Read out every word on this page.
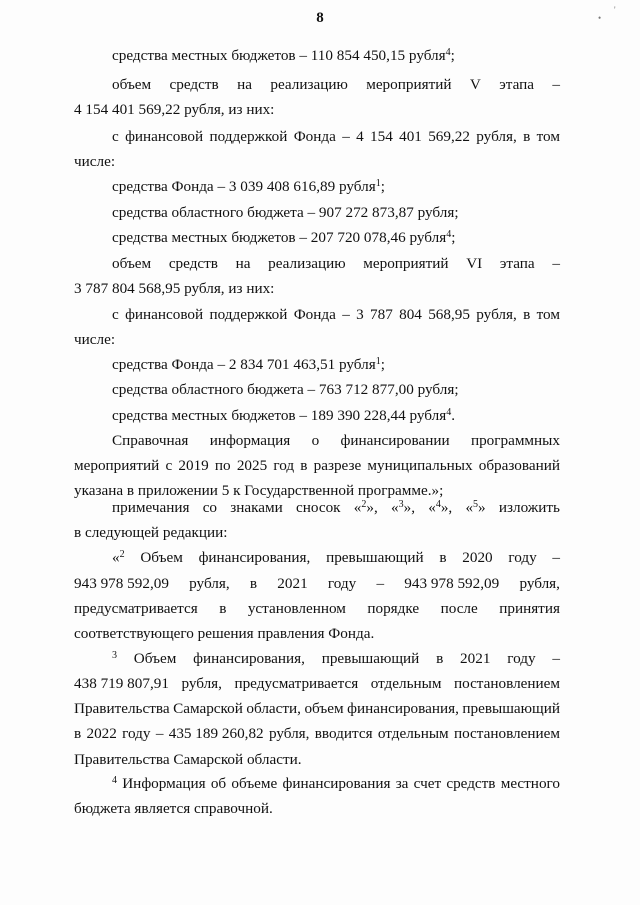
8	'
•
средства местных бюджетов – 110 854 450,15 рубля$^4$;
объем средств на реализацию мероприятий V этапа –
4 154 401 569,22 рубля, из них:
с финансовой поддержкой Фонда – 4 154 401 569,22 рубля, в том
числе:
средства Фонда – 3 039 408 616,89 рубля$^1$;
средства областного бюджета – 907 272 873,87 рубля;
средства местных бюджетов – 207 720 078,46 рубля$^4$;
объем средств на реализацию мероприятий VI этапа –
3 787 804 568,95 рубля, из них:
с финансовой поддержкой Фонда – 3 787 804 568,95 рубля, в том
числе:
средства Фонда – 2 834 701 463,51 рубля$^1$;
средства областного бюджета – 763 712 877,00 рубля;
средства местных бюджетов – 189 390 228,44 рубля$^4$.
Справочная информация о финансировании программных
мероприятий с 2019 по 2025 год в разрезе муниципальных образований
указана в приложении 5 к Государственной программе.»;
примечания со знаками сносок «$^2$», «$^3$», «$^4$», «$^5$» изложить
в следующей редакции:
«$^2$ Объем финансирования, превышающий в 2020 году –
943 978 592,09 рубля, в 2021 году – 943 978 592,09 рубля,
предусматривается в установленном порядке после принятия
соответствующего решения правления Фонда.
$^3$ Объем финансирования, превышающий в 2021 году –
438 719 807,91 рубля, предусматривается отдельным постановлением
Правительства Самарской области, объем финансирования, превышающий
в 2022 году – 435 189 260,82 рубля, вводится отдельным постановлением
Правительства Самарской области.
$^4$ Информация об объеме финансирования за счет средств местного
бюджета является справочной.
